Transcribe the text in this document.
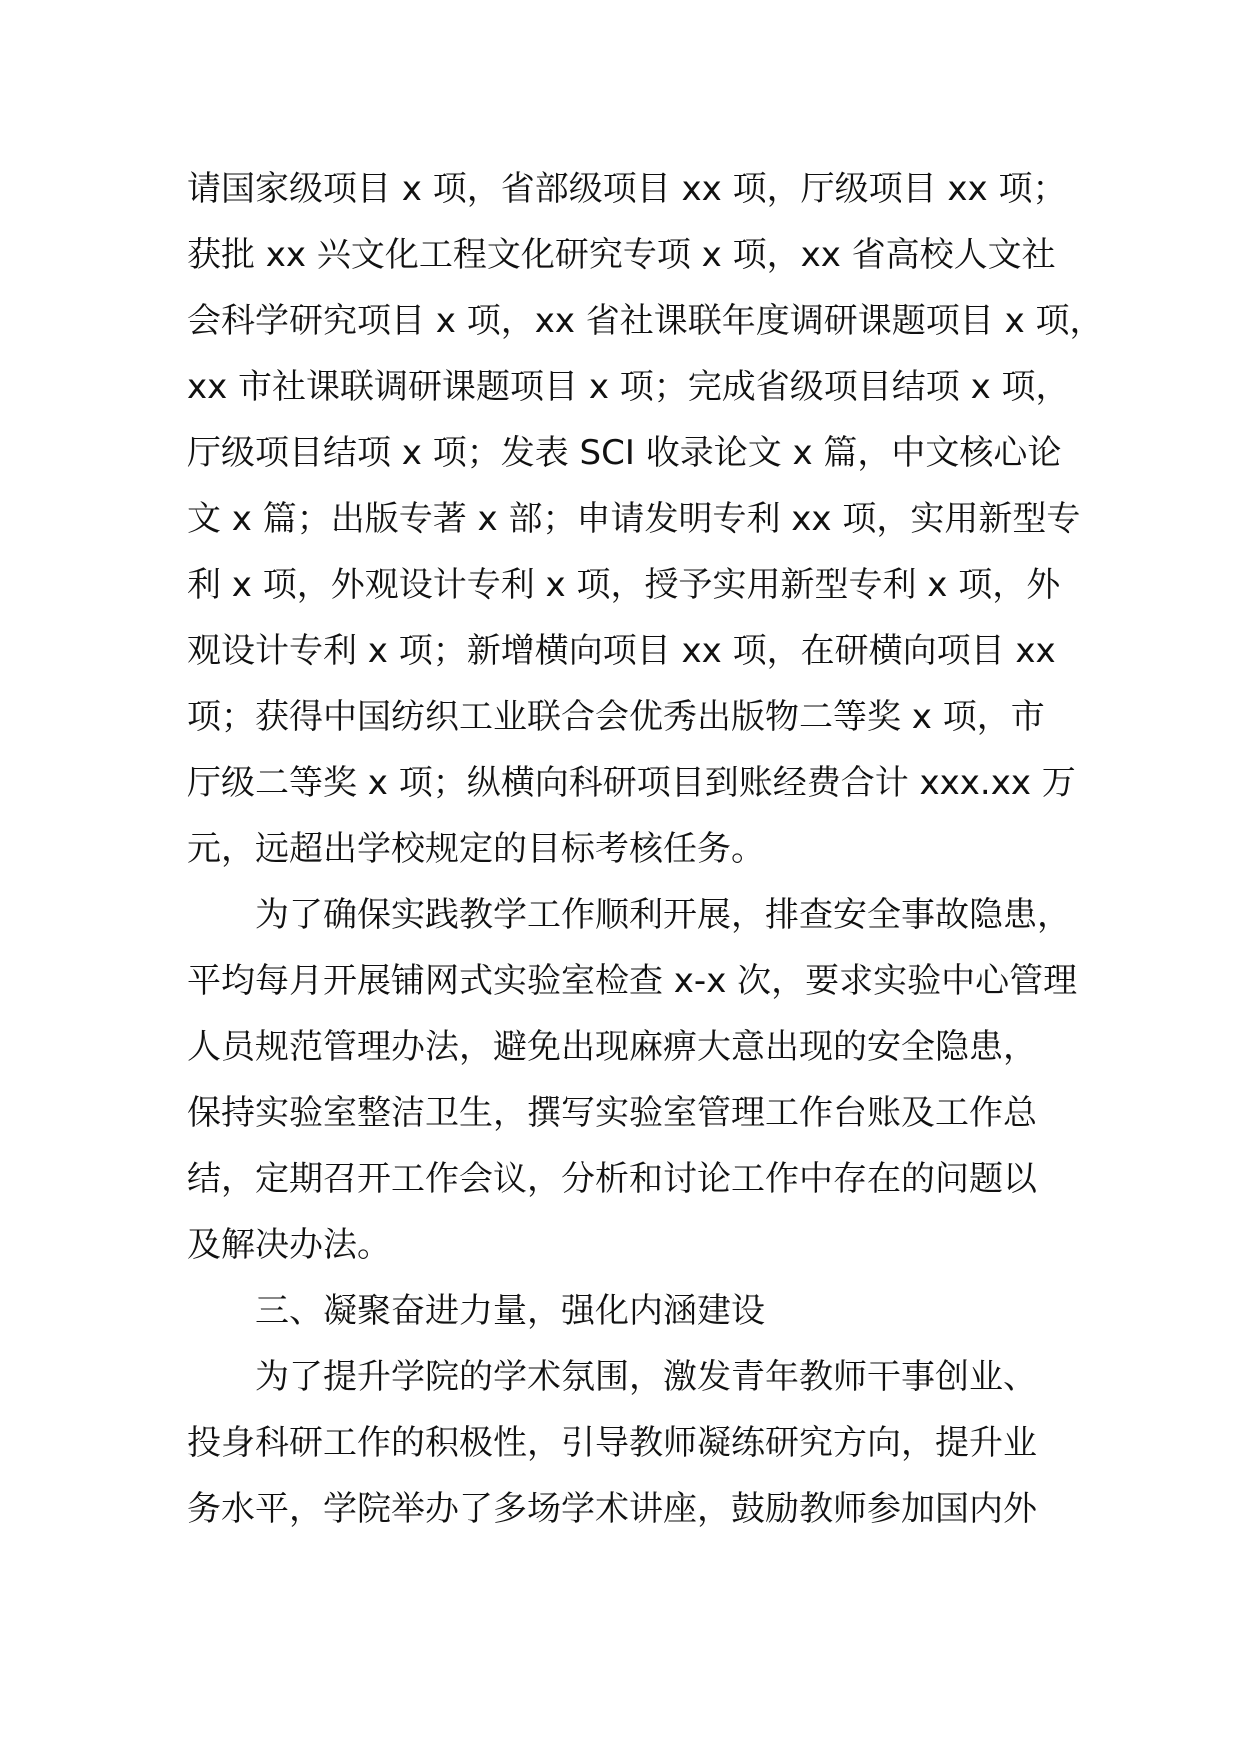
请国家级项目 x 项，省部级项目 xx 项，厅级项目 xx 项；
获批 xx 兴文化工程文化研究专项 x 项，xx 省高校人文社
会科学研究项目 x 项，xx 省社课联年度调研课题项目 x 项，
xx 市社课联调研课题项目 x 项；完成省级项目结项 x 项，
厅级项目结项 x 项；发表 SCI 收录论文 x 篇，中文核心论
文 x 篇；出版专著 x 部；申请发明专利 xx 项，实用新型专
利 x 项，外观设计专利 x 项，授予实用新型专利 x 项，外
观设计专利 x 项；新增横向项目 xx 项，在研横向项目 xx
项；获得中国纺织工业联合会优秀出版物二等奖 x 项，市
厅级二等奖 x 项；纵横向科研项目到账经费合计 xxx.xx 万
元，远超出学校规定的目标考核任务。
为了确保实践教学工作顺利开展，排查安全事故隐患，
平均每月开展铺网式实验室检查 x-x 次，要求实验中心管理
人员规范管理办法，避免出现麻痹大意出现的安全隐患，
保持实验室整洁卫生，撰写实验室管理工作台账及工作总
结，定期召开工作会议，分析和讨论工作中存在的问题以
及解决办法。
三、凝聚奋进力量，强化内涵建设
为了提升学院的学术氛围，激发青年教师干事创业、
投身科研工作的积极性，引导教师凝练研究方向，提升业
务水平，学院举办了多场学术讲座，鼓励教师参加国内外
